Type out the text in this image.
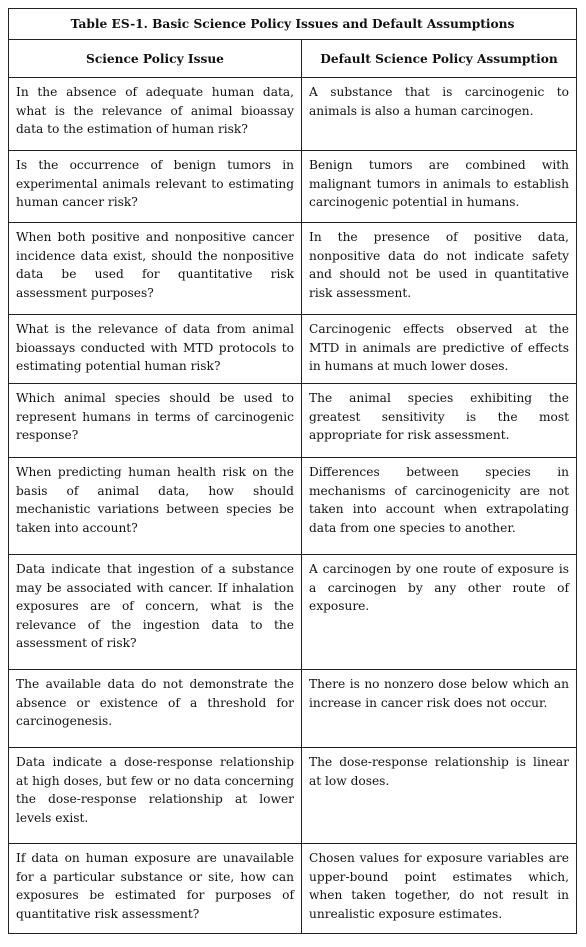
Table ES-1. Basic Science Policy Issues and Default Assumptions	
Science Policy Issue	Default Science Policy Assumption
In the absence of adequate human data, what is the relevance of animal bioassay data to the estimation of human risk?	A substance that is carcinogenic to animals is also a human carcinogen.
Is the occurrence of benign tumors in experimental animals relevant to estimating human cancer risk?	Benign tumors are combined with malignant tumors in animals to establish carcinogenic potential in humans.
When both positive and nonpositive cancer incidence data exist, should the nonpositive data be used for quantitative risk assessment purposes?	In the presence of positive data, nonpositive data do not indicate safety and should not be used in quantitative risk assessment.
What is the relevance of data from animal bioassays conducted with MTD protocols to estimating potential human risk?	Carcinogenic effects observed at the MTD in animals are predictive of effects in humans at much lower doses.
Which animal species should be used to represent humans in terms of carcinogenic response?	The animal species exhibiting the greatest sensitivity is the most appropriate for risk assessment.
When predicting human health risk on the basis of animal data, how should mechanistic variations between species be taken into account?	Differences between species in mechanisms of carcinogenicity are not taken into account when extrapolating data from one species to another.
Data indicate that ingestion of a substance may be associated with cancer. If inhalation exposures are of concern, what is the relevance of the ingestion data to the assessment of risk?	A carcinogen by one route of exposure is a carcinogen by any other route of exposure.
The available data do not demonstrate the absence or existence of a threshold for carcinogenesis.	There is no nonzero dose below which an increase in cancer risk does not occur.
Data indicate a dose-response relationship at high doses, but few or no data concerning the dose-response relationship at lower levels exist.	The dose-response relationship is linear at low doses.
If data on human exposure are unavailable for a particular substance or site, how can exposures be estimated for purposes of quantitative risk assessment?	Chosen values for exposure variables are upper-bound point estimates which, when taken together, do not result in unrealistic exposure estimates.
